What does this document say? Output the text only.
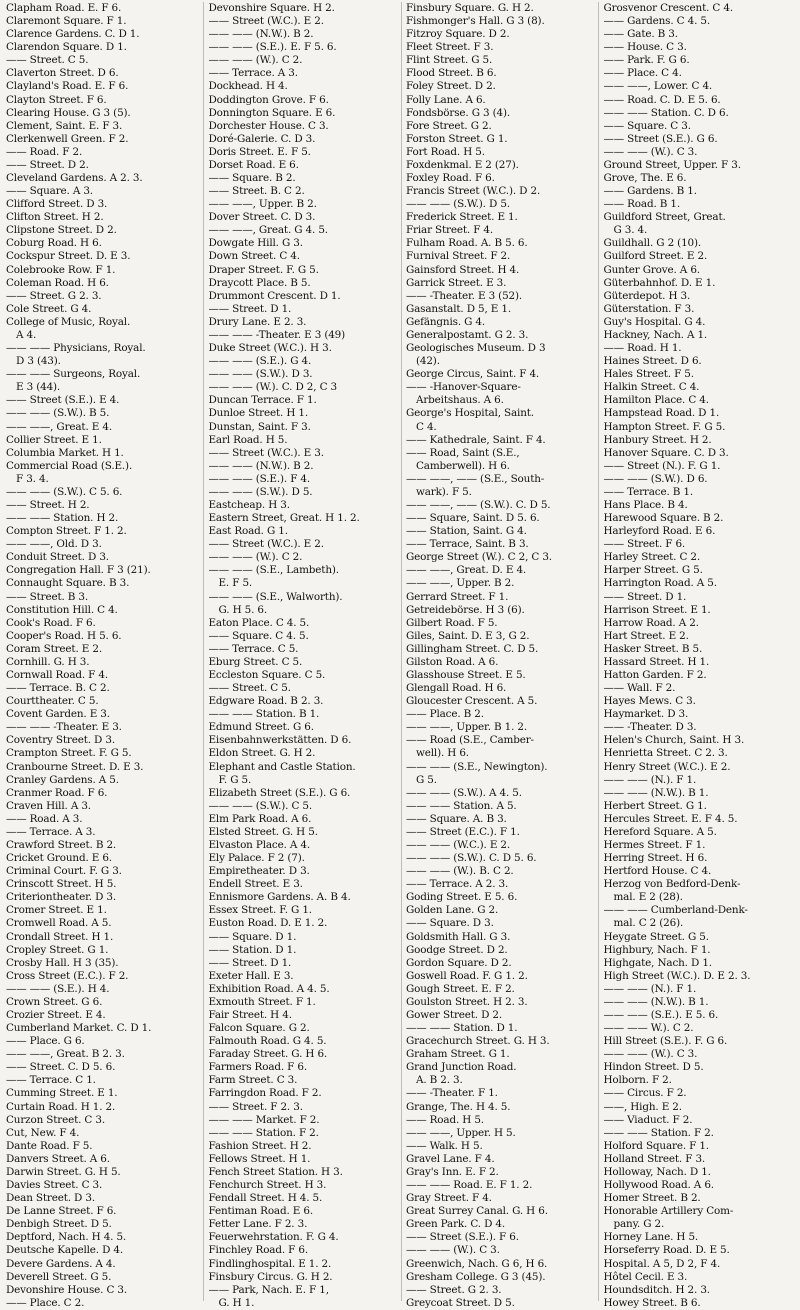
Clapham Road. E. F 6.
Claremont Square. F 1.
Clarence Gardens. C. D 1.
Clarendon Square. D 1.
—— Street. C 5.
Claverton Street. D 6.
Clayland's Road. E. F 6.
Clayton Street. F 6.
Clearing House. G 3 (5).
Clement, Saint. E. F 3.
Clerkenwell Green. F 2.
—— Road. F 2.
—— Street. D 2.
Cleveland Gardens. A 2. 3.
—— Square. A 3.
Clifford Street. D 3.
Clifton Street. H 2.
Clipstone Street. D 2.
Coburg Road. H 6.
Cockspur Street. D. E 3.
Colebrooke Row. F 1.
Coleman Road. H 6.
—— Street. G 2. 3.
Cole Street. G 4.
College of Music, Royal.
A 4.
—— —— Physicians, Royal.
D 3 (43).
—— —— Surgeons, Royal.
E 3 (44).
—— Street (S.E.). E 4.
—— —— (S.W.). B 5.
—— ——, Great. E 4.
Collier Street. E 1.
Columbia Market. H 1.
Commercial Road (S.E.).
F 3. 4.
—— —— (S.W.). C 5. 6.
—— Street. H 2.
—— —— Station. H 2.
Compton Street. F 1. 2.
—— ——, Old. D 3.
Conduit Street. D 3.
Congregation Hall. F 3 (21).
Connaught Square. B 3.
—— Street. B 3.
Constitution Hill. C 4.
Cook's Road. F 6.
Cooper's Road. H 5. 6.
Coram Street. E 2.
Cornhill. G. H 3.
Cornwall Road. F 4.
—— Terrace. B. C 2.
Courttheater. C 5.
Covent Garden. E 3.
—— —— -Theater. E 3.
Coventry Street. D 3.
Crampton Street. F. G 5.
Cranbourne Street. D. E 3.
Cranley Gardens. A 5.
Cranmer Road. F 6.
Craven Hill. A 3.
—— Road. A 3.
—— Terrace. A 3.
Crawford Street. B 2.
Cricket Ground. E 6.
Criminal Court. F. G 3.
Crinscott Street. H 5.
Criteriontheater. D 3.
Cromer Street. E 1.
Cromwell Road. A 5.
Crondall Street. H 1.
Cropley Street. G 1.
Crosby Hall. H 3 (35).
Cross Street (E.C.). F 2.
—— —— (S.E.). H 4.
Crown Street. G 6.
Crozier Street. E 4.
Cumberland Market. C. D 1.
—— Place. G 6.
—— ——, Great. B 2. 3.
—— Street. C. D 5. 6.
—— Terrace. C 1.
Cumming Street. E 1.
Curtain Road. H 1. 2.
Curzon Street. C 3.
Cut, New. F 4.
Dante Road. F 5.
Danvers Street. A 6.
Darwin Street. G. H 5.
Davies Street. C 3.
Dean Street. D 3.
De Lanne Street. F 6.
Denbigh Street. D 5.
Deptford, Nach. H 4. 5.
Deutsche Kapelle. D 4.
Devere Gardens. A 4.
Deverell Street. G 5.
Devonshire House. C 3.
—— Place. C 2.
Devonshire Square. H 2.
—— Street (W.C.). E 2.
—— —— (N.W.). B 2.
—— —— (S.E.). E. F 5. 6.
—— —— (W.). C 2.
—— Terrace. A 3.
Dockhead. H 4.
Doddington Grove. F 6.
Donnington Square. E 6.
Dorchester House. C 3.
Doré-Galerie. C. D 3.
Doris Street. E. F 5.
Dorset Road. E 6.
—— Square. B 2.
—— Street. B. C 2.
—— ——, Upper. B 2.
Dover Street. C. D 3.
—— ——, Great. G 4. 5.
Dowgate Hill. G 3.
Down Street. C 4.
Draper Street. F. G 5.
Draycott Place. B 5.
Drummont Crescent. D 1.
—— Street. D 1.
Drury Lane. E 2. 3.
—— —— -Theater. E 3 (49)
Duke Street (W.C.). H 3.
—— —— (S.E.). G 4.
—— —— (S.W.). D 3.
—— —— (W.). C. D 2, C 3
Duncan Terrace. F 1.
Dunloe Street. H 1.
Dunstan, Saint. F 3.
Earl Road. H 5.
—— Street (W.C.). E 3.
—— —— (N.W.). B 2.
—— —— (S.E.). F 4.
—— —— (S.W.). D 5.
Eastcheap. H 3.
Eastern Street, Great. H 1. 2.
East Road. G 1.
—— Street (W.C.). E 2.
—— —— (W.). C 2.
—— —— (S.E., Lambeth).
E. F 5.
—— —— (S.E., Walworth).
G. H 5. 6.
Eaton Place. C 4. 5.
—— Square. C 4. 5.
—— Terrace. C 5.
Eburg Street. C 5.
Eccleston Square. C 5.
—— Street. C 5.
Edgware Road. B 2. 3.
—— —— Station. B 1.
Edmund Street. G 6.
Eisenbahnwerkstätten. D 6.
Eldon Street. G. H 2.
Elephant and Castle Station.
F. G 5.
Elizabeth Street (S.E.). G 6.
—— —— (S.W.). C 5.
Elm Park Road. A 6.
Elsted Street. G. H 5.
Elvaston Place. A 4.
Ely Palace. F 2 (7).
Empiretheater. D 3.
Endell Street. E 3.
Ennismore Gardens. A. B 4.
Essex Street. F. G 1.
Euston Road. D. E 1. 2.
—— Square. D 1.
—— Station. D 1.
—— Street. D 1.
Exeter Hall. E 3.
Exhibition Road. A 4. 5.
Exmouth Street. F 1.
Fair Street. H 4.
Falcon Square. G 2.
Falmouth Road. G 4. 5.
Faraday Street. G. H 6.
Farmers Road. F 6.
Farm Street. C 3.
Farringdon Road. F 2.
—— Street. F 2. 3.
—— —— Market. F 2.
—— —— Station. F 2.
Fashion Street. H 2.
Fellows Street. H 1.
Fench Street Station. H 3.
Fenchurch Street. H 3.
Fendall Street. H 4. 5.
Fentiman Road. E 6.
Fetter Lane. F 2. 3.
Feuerwehrstation. F. G 4.
Finchley Road. F 6.
Findlinghospital. E 1. 2.
Finsbury Circus. G. H 2.
—— Park, Nach. E. F 1,
G. H 1.
Finsbury Square. G. H 2.
Fishmonger's Hall. G 3 (8).
Fitzroy Square. D 2.
Fleet Street. F 3.
Flint Street. G 5.
Flood Street. B 6.
Foley Street. D 2.
Folly Lane. A 6.
Fondsbörse. G 3 (4).
Fore Street. G 2.
Forston Street. G 1.
Fort Road. H 5.
Foxdenkmal. E 2 (27).
Foxley Road. F 6.
Francis Street (W.C.). D 2.
—— —— (S.W.). D 5.
Frederick Street. E 1.
Friar Street. F 4.
Fulham Road. A. B 5. 6.
Furnival Street. F 2.
Gainsford Street. H 4.
Garrick Street. E 3.
—— -Theater. E 3 (52).
Gasanstalt. D 5, E 1.
Gefängnis. G 4.
Generalpostamt. G 2. 3.
Geologisches Museum. D 3
(42).
George Circus, Saint. F 4.
—— -Hanover-Square-
Arbeitshaus. A 6.
George's Hospital, Saint.
C 4.
—— Kathedrale, Saint. F 4.
—— Road, Saint (S.E.,
Camberwell). H 6.
—— ——, —— (S.E., South-
wark). F 5.
—— ——, —— (S.W.). C. D 5.
—— Square, Saint. D 5. 6.
—— Station, Saint. G 4.
—— Terrace, Saint. B 3.
George Street (W.). C 2, C 3.
—— ——, Great. D. E 4.
—— ——, Upper. B 2.
Gerrard Street. F 1.
Getreidebörse. H 3 (6).
Gilbert Road. F 5.
Giles, Saint. D. E 3, G 2.
Gillingham Street. C. D 5.
Gilston Road. A 6.
Glasshouse Street. E 5.
Glengall Road. H 6.
Gloucester Crescent. A 5.
—— Place. B 2.
—— ——, Upper. B 1. 2.
—— Road (S.E., Camber-
well). H 6.
—— —— (S.E., Newington).
G 5.
—— —— (S.W.). A 4. 5.
—— —— Station. A 5.
—— Square. A. B 3.
—— Street (E.C.). F 1.
—— —— (W.C.). E 2.
—— —— (S.W.). C. D 5. 6.
—— —— (W.). B. C 2.
—— Terrace. A 2. 3.
Goding Street. E 5. 6.
Golden Lane. G 2.
—— Square. D 3.
Goldsmith Hall. G 3.
Goodge Street. D 2.
Gordon Square. D 2.
Goswell Road. F. G 1. 2.
Gough Street. E. F 2.
Goulston Street. H 2. 3.
Gower Street. D 2.
—— —— Station. D 1.
Gracechurch Street. G. H 3.
Graham Street. G 1.
Grand Junction Road.
A. B 2. 3.
—— -Theater. F 1.
Grange, The. H 4. 5.
—— Road. H 5.
—— ——, Upper. H 5.
—— Walk. H 5.
Gravel Lane. F 4.
Gray's Inn. E. F 2.
—— —— Road. E. F 1. 2.
Gray Street. F 4.
Great Surrey Canal. G. H 6.
Green Park. C. D 4.
—— Street (S.E.). F 6.
—— —— (W.). C 3.
Greenwich, Nach. G 6, H 6.
Gresham College. G 3 (45).
—— Street. G 2. 3.
Greycoat Street. D 5.
Grosvenor Crescent. C 4.
—— Gardens. C 4. 5.
—— Gate. B 3.
—— House. C 3.
—— Park. F. G 6.
—— Place. C 4.
—— ——, Lower. C 4.
—— Road. C. D. E 5. 6.
—— —— Station. C. D 6.
—— Square. C 3.
—— Street (S.E.). G 6.
—— —— (W.). C 3.
Ground Street, Upper. F 3.
Grove, The. E 6.
—— Gardens. B 1.
—— Road. B 1.
Guildford Street, Great.
G 3. 4.
Guildhall. G 2 (10).
Guilford Street. E 2.
Gunter Grove. A 6.
Güterbahnhof. D. E 1.
Güterdepot. H 3.
Güterstation. F 3.
Guy's Hospital. G 4.
Hackney, Nach. A 1.
—— Road. H 1.
Haines Street. D 6.
Hales Street. F 5.
Halkin Street. C 4.
Hamilton Place. C 4.
Hampstead Road. D 1.
Hampton Street. F. G 5.
Hanbury Street. H 2.
Hanover Square. C. D 3.
—— Street (N.). F. G 1.
—— —— (S.W.). D 6.
—— Terrace. B 1.
Hans Place. B 4.
Harewood Square. B 2.
Harleyford Road. E 6.
—— Street. F 6.
Harley Street. C 2.
Harper Street. G 5.
Harrington Road. A 5.
—— Street. D 1.
Harrison Street. E 1.
Harrow Road. A 2.
Hart Street. E 2.
Hasker Street. B 5.
Hassard Street. H 1.
Hatton Garden. F 2.
—— Wall. F 2.
Hayes Mews. C 3.
Haymarket. D 3.
—— -Theater. D 3.
Helen's Church, Saint. H 3.
Henrietta Street. C 2. 3.
Henry Street (W.C.). E 2.
—— —— (N.). F 1.
—— —— (N.W.). B 1.
Herbert Street. G 1.
Hercules Street. E. F 4. 5.
Hereford Square. A 5.
Hermes Street. F 1.
Herring Street. H 6.
Hertford House. C 4.
Herzog von Bedford-Denk-
mal. E 2 (28).
—— —— Cumberland-Denk-
mal. C 2 (26).
Heygate Street. G 5.
Highbury, Nach. F 1.
Highgate, Nach. D 1.
High Street (W.C.). D. E 2. 3.
—— —— (N.). F 1.
—— —— (N.W.). B 1.
—— —— (S.E.). E 5. 6.
—— —— W.). C 2.
Hill Street (S.E.). F. G 6.
—— —— (W.). C 3.
Hindon Street. D 5.
Holborn. F 2.
—— Circus. F 2.
——, High. E 2.
—— Viaduct. F 2.
—— —— Station. F 2.
Holford Square. F 1.
Holland Street. F 3.
Holloway, Nach. D 1.
Hollywood Road. A 6.
Homer Street. B 2.
Honorable Artillery Com-
pany. G 2.
Horney Lane. H 5.
Horseferry Road. D. E 5.
Hospital. A 5, D 2, F 4.
Hôtel Cecil. E 3.
Houndsditch. H 2. 3.
Howey Street. B 6.
